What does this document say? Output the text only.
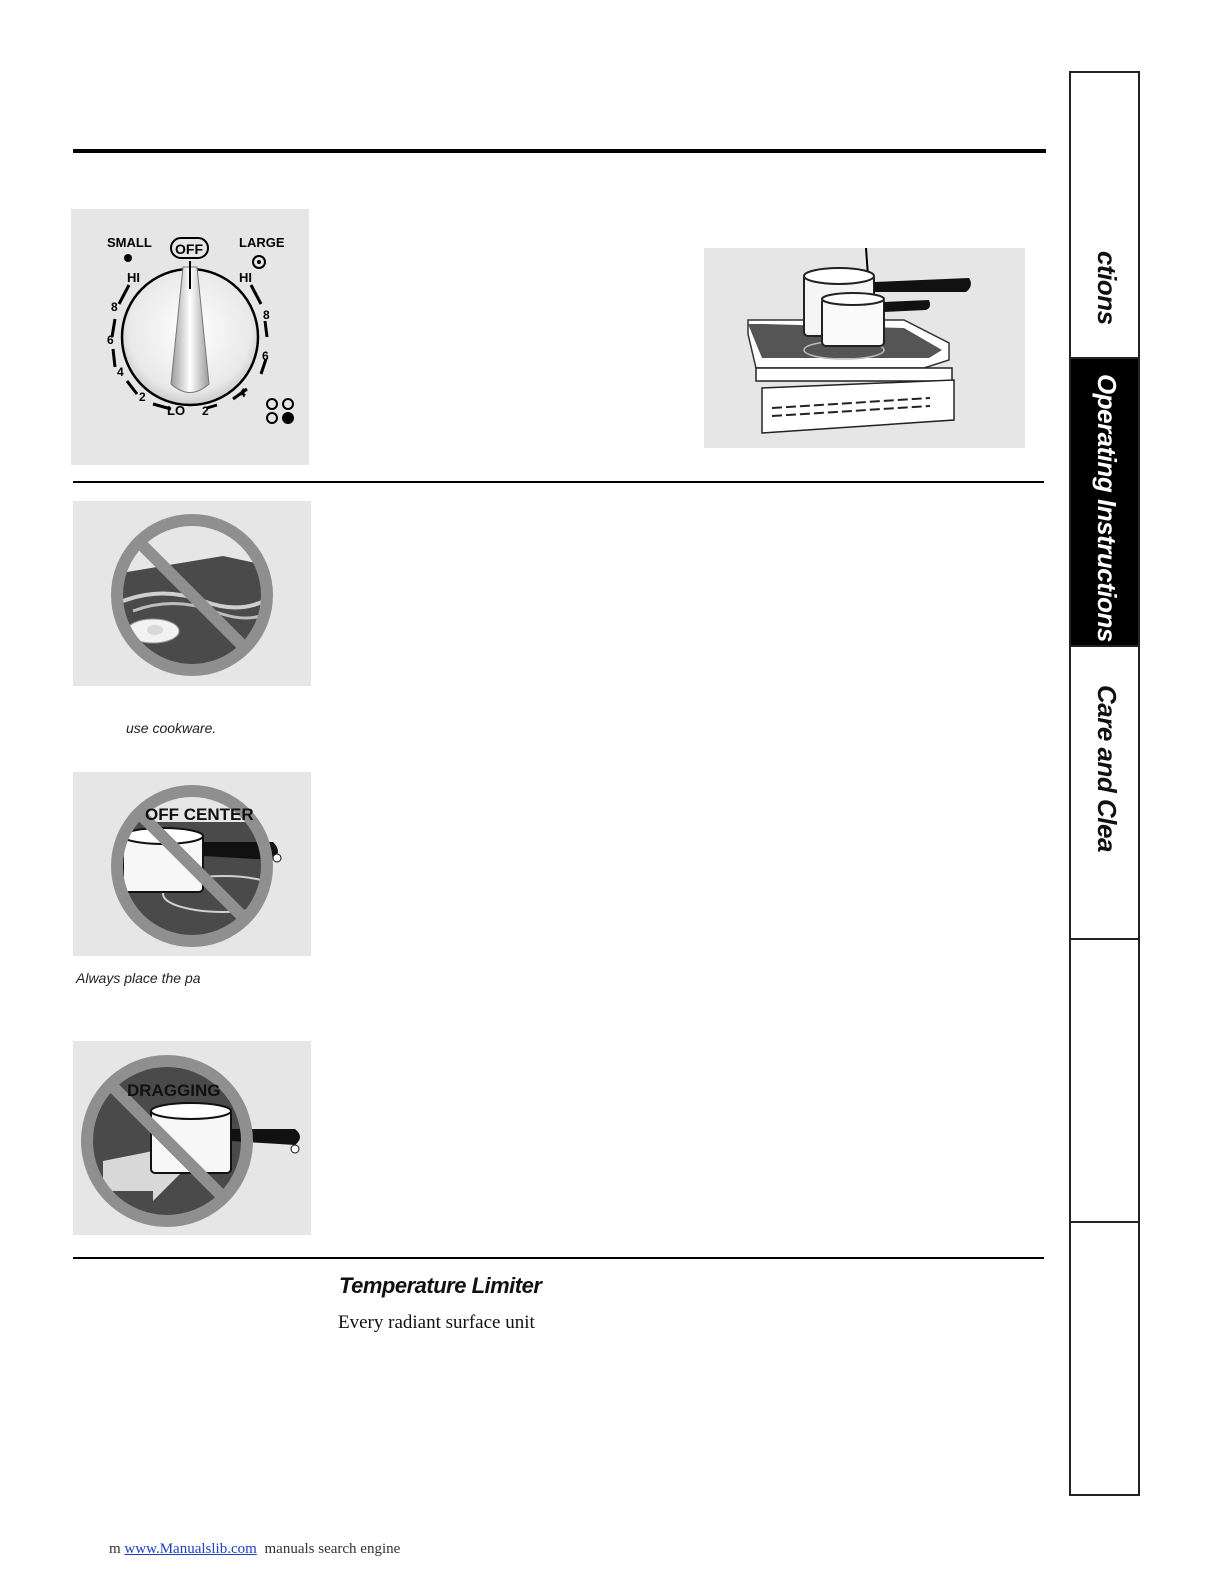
SMALL OFF	LARGE
HI	HI
8
6
4
2
LO
8
6
4
2
use cookware.
OFF CENTER
Always place the pa
DRAGGING
Temperature Limiter
Every radiant surface unit
ctions
Operating Instructions
Care and Clea
m www.Manualslib.com manuals search engine
